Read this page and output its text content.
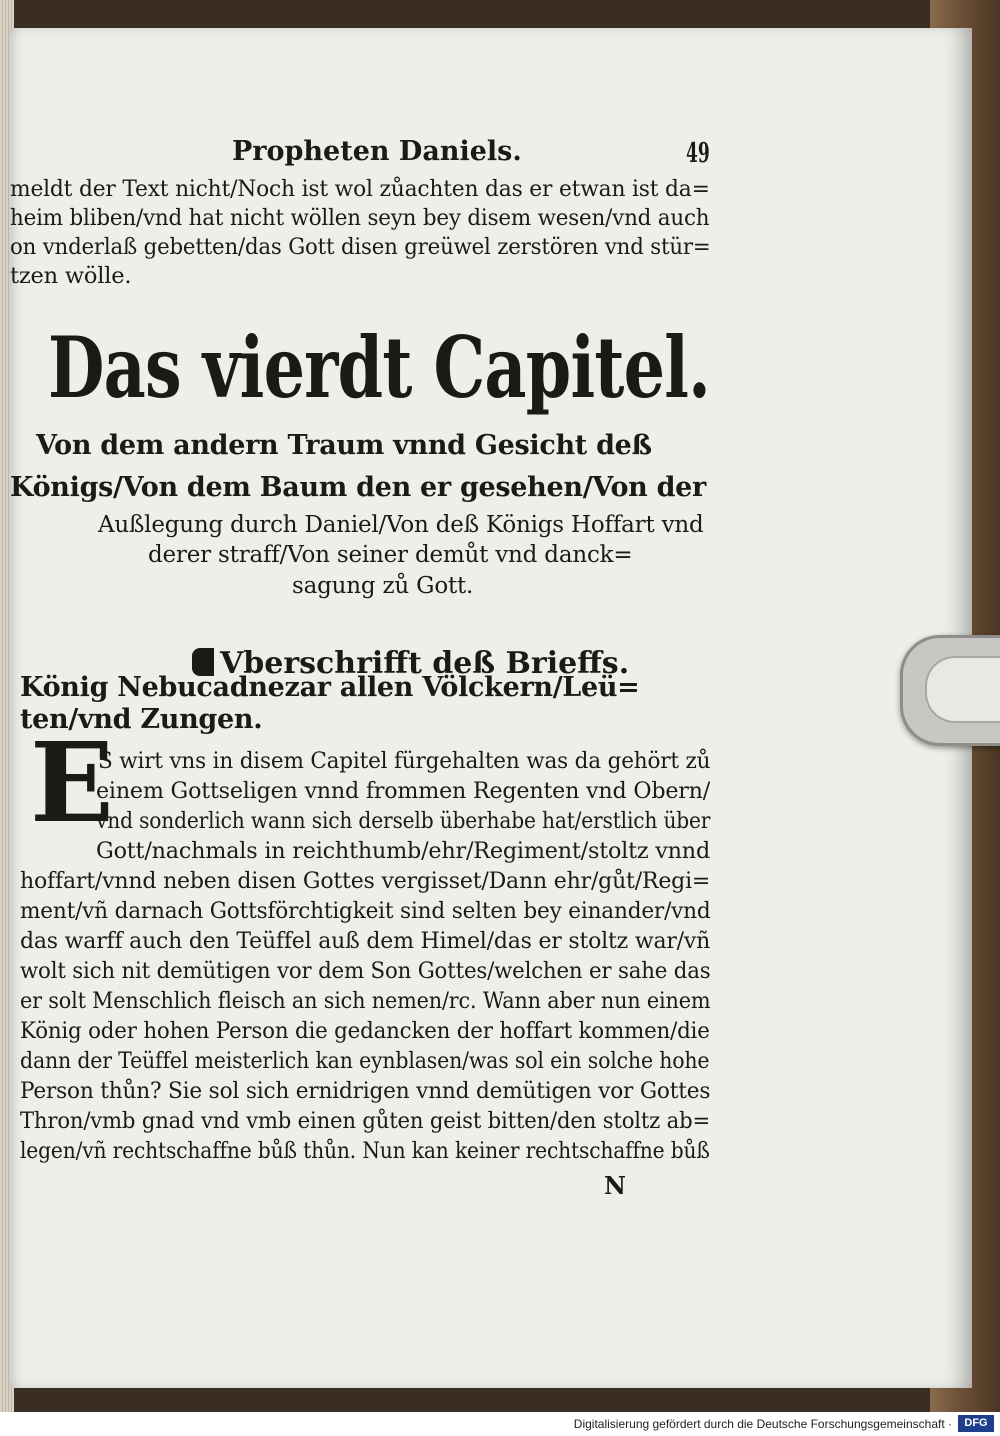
Propheten Daniels.	49
meldt der Text nicht/Noch ist wol zůachten das er etwan ist da=
heim bliben/vnd hat nicht wöllen seyn bey disem wesen/vnd auch
on vnderlaß gebetten/das Gott disen greüwel zerstören vnd stür=
tzen wölle.
Das vierdt Capitel.
Von dem andern Traum vnnd Gesicht deß
Königs/Von dem Baum den er gesehen/Von der
Außlegung durch Daniel/Von deß Königs Hoffart vnd
derer straff/Von seiner demůt vnd danck=
sagung zů Gott.
Vberschrifft deß Brieffs.
König Nebucadnezar allen Völckern/Leü=
ten/vnd Zungen.
E
S wirt vns in disem Capitel fürgehalten was da gehört zů
einem Gottseligen vnnd frommen Regenten vnd Obern/
vnd sonderlich wann sich derselb überhabe hat/erstlich über
Gott/nachmals in reichthumb/ehr/Regiment/stoltz vnnd
hoffart/vnnd neben disen Gottes vergisset/Dann ehr/gůt/Regi=
ment/vñ darnach Gottsförchtigkeit sind selten bey einander/vnd
das warff auch den Teüffel auß dem Himel/das er stoltz war/vñ
wolt sich nit demütigen vor dem Son Gottes/welchen er sahe das
er solt Menschlich fleisch an sich nemen/rc. Wann aber nun einem
König oder hohen Person die gedancken der hoffart kommen/die
dann der Teüffel meisterlich kan eynblasen/was sol ein solche hohe
Person thůn? Sie sol sich ernidrigen vnnd demütigen vor Gottes
Thron/vmb gnad vnd vmb einen gůten geist bitten/den stoltz ab=
legen/vñ rechtschaffne bůß thůn. Nun kan keiner rechtschaffne bůß
N
Digitalisierung gefördert durch die Deutsche Forschungsgemeinschaft ·	DFG
